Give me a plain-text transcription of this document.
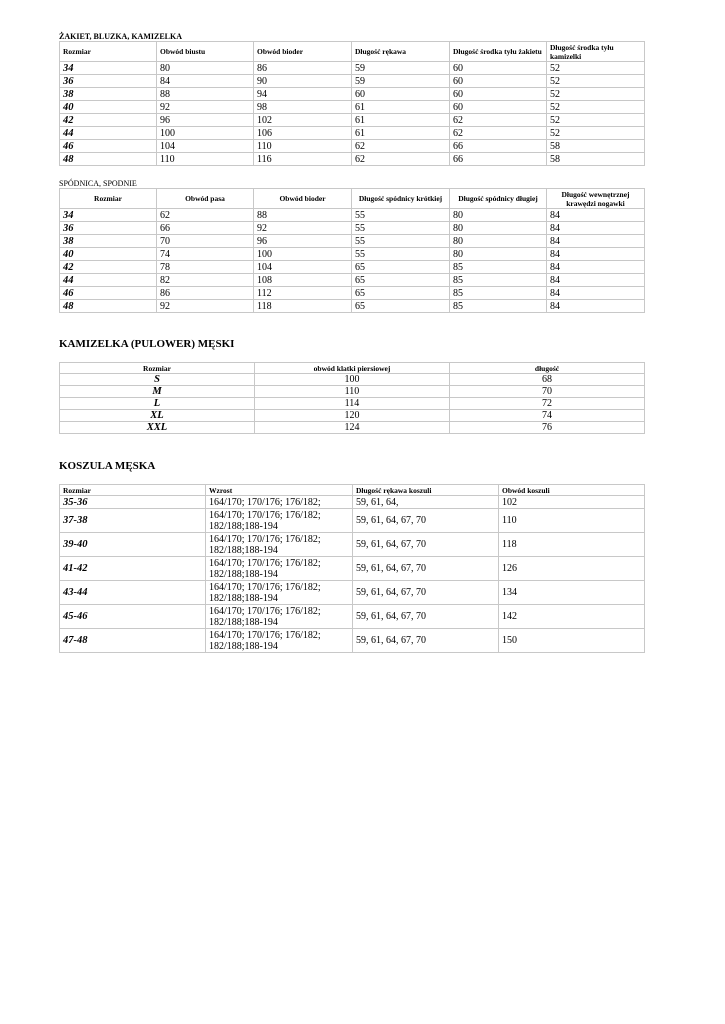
ŻAKIET, BLUZKA, KAMIZELKA
Rozmiar	Obwód biustu	Obwód bioder	Długość rękawa	Długość środka tyłu żakietu	Długość środka tyłu kamizelki
34	80	86	59	60	52
36	84	90	59	60	52
38	88	94	60	60	52
40	92	98	61	60	52
42	96	102	61	62	52
44	100	106	61	62	52
46	104	110	62	66	58
48	110	116	62	66	58
SPÓDNICA, SPODNIE
Rozmiar	Obwód pasa	Obwód bioder	Długość spódnicy krótkiej	Długość spódnicy długiej	Długość wewnętrznej krawędzi nogawki
34	62	88	55	80	84
36	66	92	55	80	84
38	70	96	55	80	84
40	74	100	55	80	84
42	78	104	65	85	84
44	82	108	65	85	84
46	86	112	65	85	84
48	92	118	65	85	84
KAMIZELKA (PULOWER) MĘSKI
Rozmiar	obwód klatki piersiowej	długość
S	100	68
M	110	70
L	114	72
XL	120	74
XXL	124	76
KOSZULA MĘSKA
Rozmiar	Wzrost	Długość rękawa koszuli	Obwód koszuli
35-36	164/170; 170/176; 176/182;	59, 61, 64,	102
37-38	164/170; 170/176; 176/182; 182/188;188-194	59, 61, 64, 67, 70	110
39-40	164/170; 170/176; 176/182; 182/188;188-194	59, 61, 64, 67, 70	118
41-42	164/170; 170/176; 176/182; 182/188;188-194	59, 61, 64, 67, 70	126
43-44	164/170; 170/176; 176/182; 182/188;188-194	59, 61, 64, 67, 70	134
45-46	164/170; 170/176; 176/182; 182/188;188-194	59, 61, 64, 67, 70	142
47-48	164/170; 170/176; 176/182; 182/188;188-194	59, 61, 64, 67, 70	150
